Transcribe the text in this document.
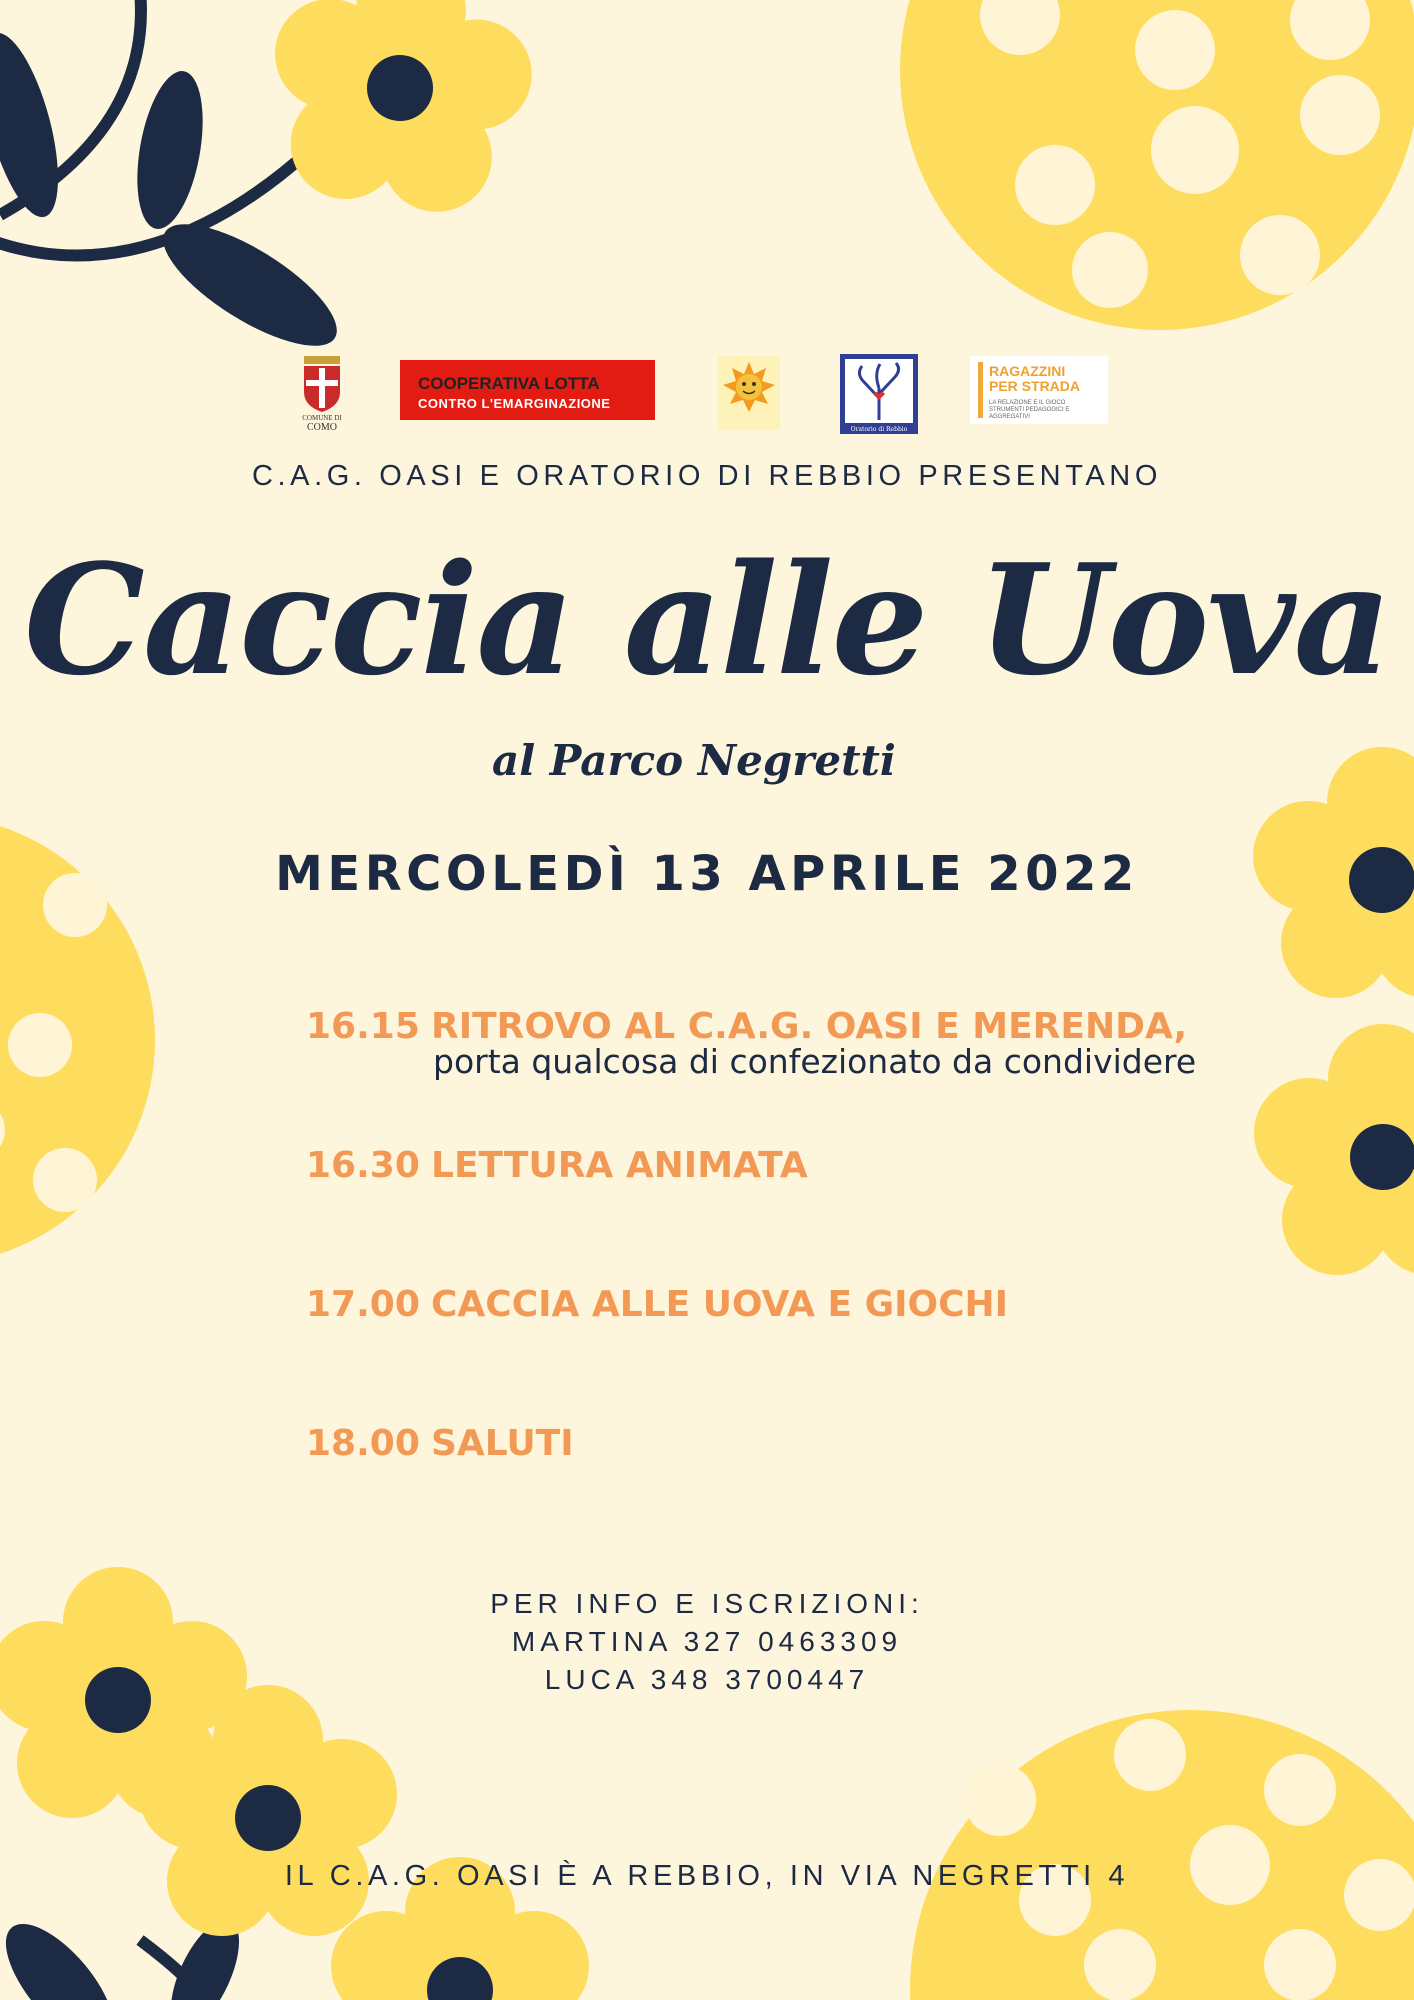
COMUNE DI
COMO
COOPERATIVA LOTTA
CONTRO L'EMARGINAZIONE
Oratorio di Rebbio
RAGAZZINI
PER STRADA
LA RELAZIONE E IL GIOCO
STRUMENTI PEDAGOGICI E AGGREGATIVI
C.A.G. OASI E ORATORIO DI REBBIO PRESENTANO
Caccia alle Uova
al Parco Negretti
MERCOLEDÌ 13 APRILE 2022
16.15 RITROVO AL C.A.G. OASI E MERENDA,
porta qualcosa di confezionato da condividere
16.30 LETTURA ANIMATA
17.00 CACCIA ALLE UOVA E GIOCHI
18.00 SALUTI
PER INFO E ISCRIZIONI:
MARTINA 327 0463309
LUCA 348 3700447
IL C.A.G. OASI È A REBBIO, IN VIA NEGRETTI 4
